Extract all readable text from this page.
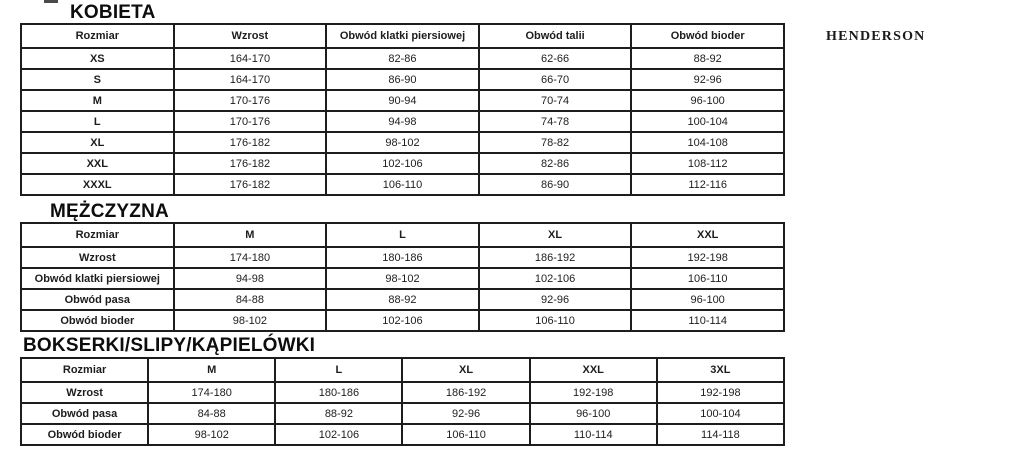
KOBIETA
Rozmiar	Wzrost	Obwód klatki piersiowej	Obwód talii	Obwód bioder
XS	164-170	82-86	62-66	88-92
S	164-170	86-90	66-70	92-96
M	170-176	90-94	70-74	96-100
L	170-176	94-98	74-78	100-104
XL	176-182	98-102	78-82	104-108
XXL	176-182	102-106	82-86	108-112
XXXL	176-182	106-110	86-90	112-116
MĘŻCZYZNA
Rozmiar	M	L	XL	XXL
Wzrost	174-180	180-186	186-192	192-198
Obwód klatki piersiowej	94-98	98-102	102-106	106-110
Obwód pasa	84-88	88-92	92-96	96-100
Obwód bioder	98-102	102-106	106-110	110-114
BOKSERKI/SLIPY/KĄPIELÓWKI
Rozmiar	M	L	XL	XXL	3XL
Wzrost	174-180	180-186	186-192	192-198	192-198
Obwód pasa	84-88	88-92	92-96	96-100	100-104
Obwód bioder	98-102	102-106	106-110	110-114	114-118
HENDERSON
